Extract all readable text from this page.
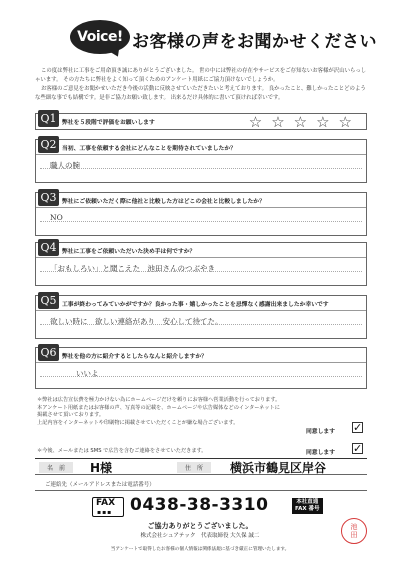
Voice! お客様の声をお聞かせください

この度は弊社に工事をご用命頂き誠にありがとうございました。 世の中には弊社の存在やサービスをご存知ないお客様が沢山いらっしゃいます。 その方たちに弊社をよく知って頂くためのアンケート用紙にご協力頂けないでしょうか。

お客様のご意見をお聞かせいただき今後の活動に反映させていただきたいと考えております。 良かったこと、難しかったことどのような些細な事でも結構です。是非ご協力お願い致します。 出来るだけ具体的に書いて頂ければ幸いです。

Q1 弊社を５段階で評価をお願いします	☆ ☆ ☆ ☆ ☆
Q2 当初、工事を依頼する会社にどんなことを期待されていましたか？
職人の腕
Q3 弊社にご依頼いただく際に他社と比較した方はどこの会社と比較しましたか？
NO
Q4 弊社に工事をご依頼いただいた決め手は何ですか？
「おもしろい」と聞こえた　池田さんのつぶやき
Q5 工事が終わってみていかがですか？良かった事・嬉しかったことを忌憚なく感謝出来ましたか幸いです
欲しい時に　欲しい連絡があり　安心して待てた。
Q6 弊社を他の方に紹介するとしたらなんと紹介しますか？
いいよ
＊弊社は広告宣伝費を極力かけない為にホームページだけを頼りにお客様へ営業活動を行っております。
本アンケート用紙またはお客様の声、写真等の記載を、ホームページや広告媒体などのインターネットに
掲載させて頂いております。
上記内容をインターネットや印刷物に掲載させていただくことが嫌な場合ございます。
同意します ✓
＊今後、メールまたは SMS で広告を含むご連絡をさせていただきます。	同意します ✓
名　前	H様	住　所	横浜市鶴見区岸谷
ご連絡先（メールアドレスまたは電話番号）
FAX
▪▪▪ 0438-38-3310	本社直通
FAX 番号
ご協力ありがとうございました。
株式会社シュアテック　代表取締役 大久保 誠二
当アンケートで取得したお客様の個人情報は関係法規に基づき厳正に管理いたします。
池
田
